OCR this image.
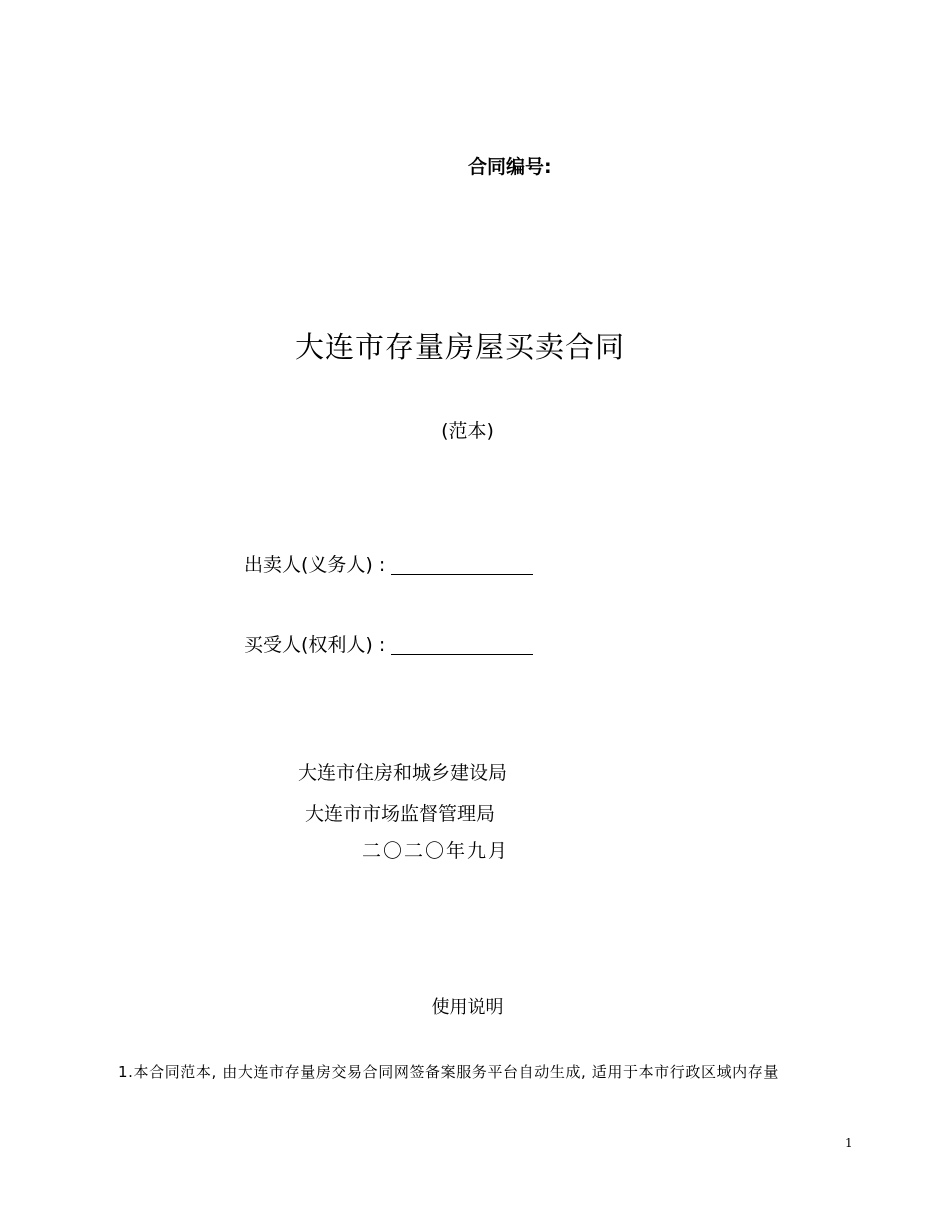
合同编号:
大连市存量房屋买卖合同
(范本)
出卖人(义务人) :
买受人(权利人) :
大连市住房和城乡建设局
大连市市场监督管理局
二〇二〇年九月
使用说明
1.本合同范本, 由大连市存量房交易合同网签备案服务平台自动生成, 适用于本市行政区域内存量
1
